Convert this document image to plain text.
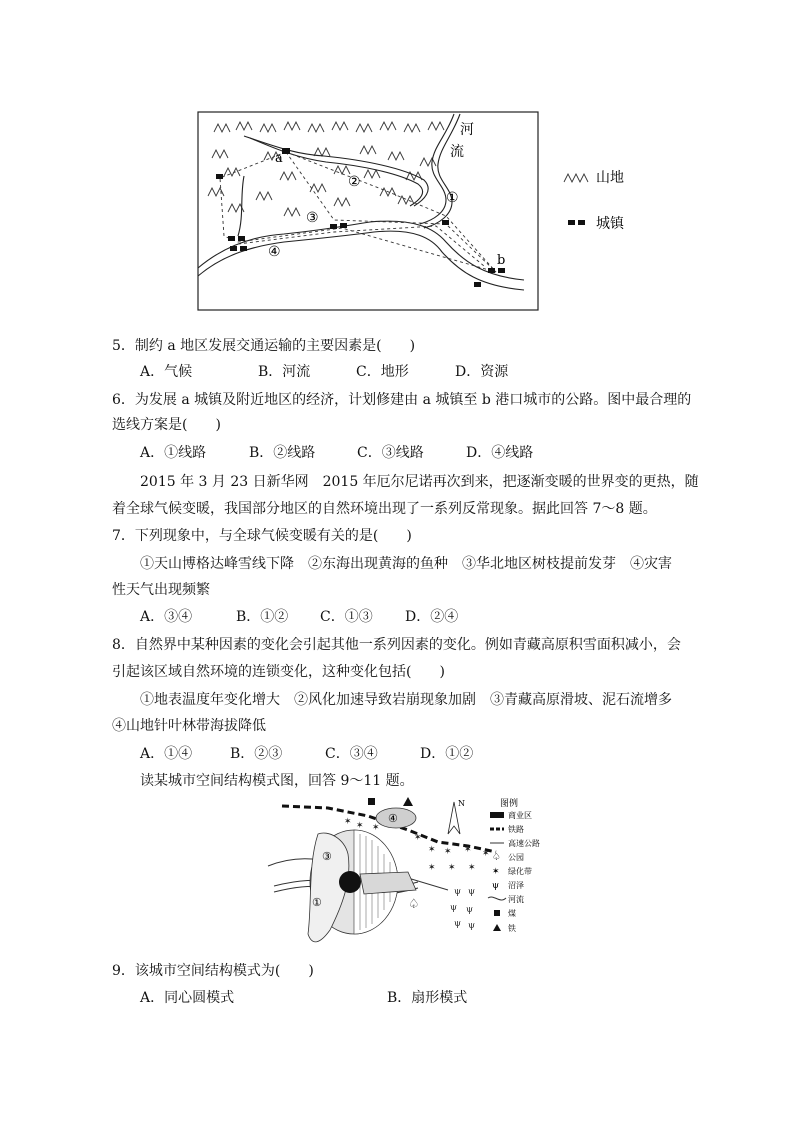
河
流
a
b
①
②
③
④
山地
城镇
5．制约 a 地区发展交通运输的主要因素是(　　)
A．气候	B．河流	C．地形	D．资源
6．为发展 a 城镇及附近地区的经济，计划修建由 a 城镇至 b 港口城市的公路。图中最合理的
选线方案是(　　)
A．①线路	B．②线路	C．③线路	D．④线路
2015 年 3 月 23 日新华网　2015 年厄尔尼诺再次到来，把逐渐变暖的世界变的更热，随
着全球气候变暖，我国部分地区的自然环境出现了一系列反常现象。据此回答 7～8 题。
7．下列现象中，与全球气候变暖有关的是(　　)
①天山博格达峰雪线下降　②东海出现黄海的鱼种　③华北地区树枝提前发芽　④灾害
性天气出现频繁
A．③④	B．①② C．①③ D．②④
8．自然界中某种因素的变化会引起其他一系列因素的变化。例如青藏高原积雪面积减小，会
引起该区域自然环境的连锁变化，这种变化包括(　　)
①地表温度年变化增大　②风化加速导致岩崩现象加剧　③青藏高原滑坡、泥石流增多
④山地针叶林带海拔降低
A．①④	B．②③	C．③④	D．①②
读某城市空间结构模式图，回答 9～11 题。
✶ ✶ ✶
✶
✶ ✶ ✶ ✶
✶ ✶ ✶
ψ ψ
ψ ψ
ψ ψ
♤
N
④
③
①
图例
商业区
铁路
高速公路
♤ 公园
✶ 绿化带
ψ 沼泽
河流
煤
铁
9．该城市空间结构模式为(　　)
A．同心圆模式	B．扇形模式
